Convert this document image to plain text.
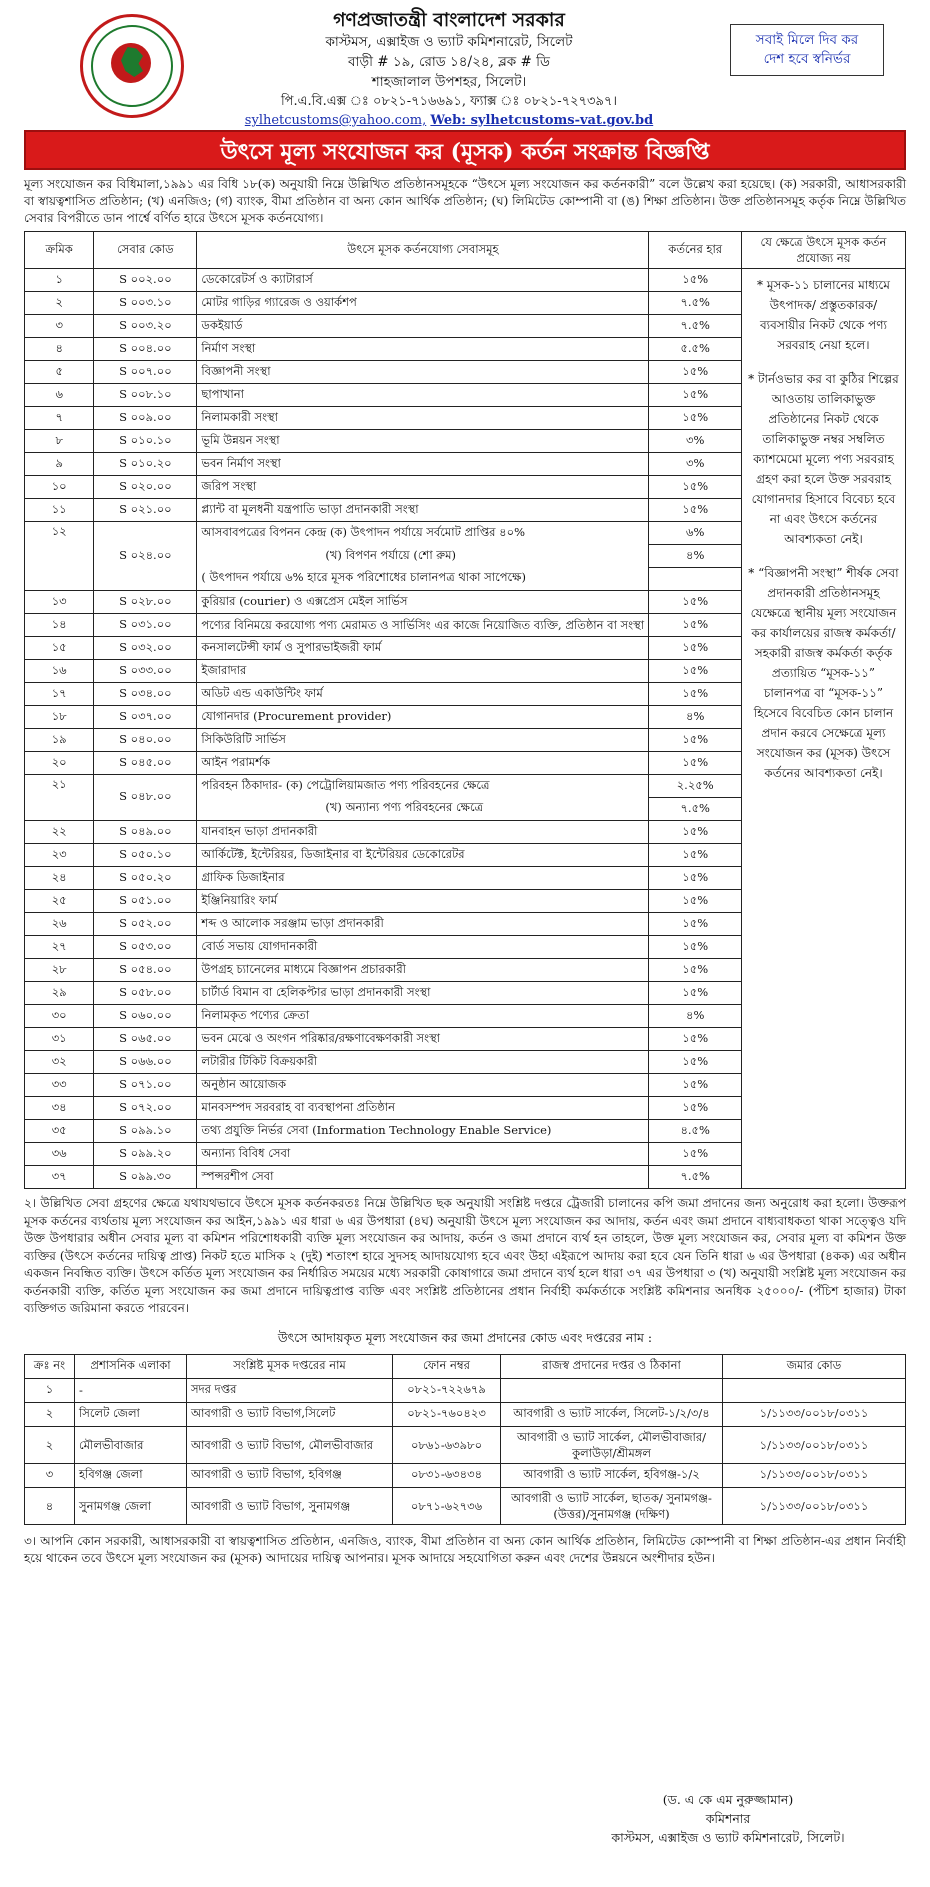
গণপ্রজাতন্ত্রী বাংলাদেশ সরকার
কাস্টমস, এক্সাইজ ও ভ্যাট কমিশনারেট, সিলেট
বাড়ী # ১৯, রোড ১৪/২৪, ব্লক # ডি
শাহজালাল উপশহর, সিলেট।
পি.এ.বি.এক্স ঃ ০৮২১-৭১৬৬৯১, ফ্যাক্স ঃ ০৮২১-৭২৭৩৯৭।
sylhetcustoms@yahoo.com, Web: sylhetcustoms-vat.gov.bd
সবাই মিলে দিব কর
দেশ হবে স্বনির্ভর
উৎসে মূল্য সংযোজন কর (মূসক) কর্তন সংক্রান্ত বিজ্ঞপ্তি
মূল্য সংযোজন কর বিধিমালা,১৯৯১ এর বিধি ১৮(ক) অনুযায়ী নিম্নে উল্লিখিত প্রতিষ্ঠানসমূহকে “উৎসে মূল্য সংযোজন কর কর্তনকারী” বলে উল্লেখ করা হয়েছে। (ক) সরকারী, আধাসরকারী বা স্বায়ত্বশাসিত প্রতিষ্ঠান; (খ) এনজিও; (গ) ব্যাংক, বীমা প্রতিষ্ঠান বা অন্য কোন আর্থিক প্রতিষ্ঠান; (ঘ) লিমিটেড কোম্পানী বা (ঙ) শিক্ষা প্রতিষ্ঠান। উক্ত প্রতিষ্ঠানসমূহ কর্তৃক নিম্নে উল্লিখিত সেবার বিপরীতে ডান পার্শ্বে বর্ণিত হারে উৎসে মূসক কর্তনযোগ্য।
ক্রমিক	সেবার কোড	উৎসে মূসক কর্তনযোগ্য সেবাসমূহ	কর্তনের হার	যে ক্ষেত্রে উৎসে মূসক কর্তন প্রযোজ্য নয়
১	S ০০২.০০	ডেকোরেটর্স ও ক্যাটারার্স	১৫%	* মূসক-১১ চালানের মাধ্যমে উৎপাদক/ প্রস্তুতকারক/ব্যবসায়ীর নিকট থেকে পণ্য সরবরাহ নেয়া হলে।
* টার্নওভার কর বা কুঠির শিল্পের আওতায় তালিকাভুক্ত প্রতিষ্ঠানের নিকট থেকে তালিকাভুক্ত নম্বর সম্বলিত ক্যাশমেমো মূল্যে পণ্য সরবরাহ গ্রহণ করা হলে উক্ত সরবরাহ যোগানদার হিসাবে বিবেচ্য হবে না এবং উৎসে কর্তনের আবশ্যকতা নেই।
* “বিজ্ঞাপনী সংস্থা” শীর্ষক সেবা প্রদানকারী প্রতিষ্ঠানসমূহ যেক্ষেত্রে স্থানীয় মূল্য সংযোজন কর কার্যালয়ের রাজস্ব কর্মকর্তা/সহকারী রাজস্ব কর্মকর্তা কর্তৃক প্রত্যায়িত “মূসক-১১” চালানপত্র বা “মূসক-১১” হিসেবে বিবেচিত কোন চালান প্রদান করবে সেক্ষেত্রে মূল্য সংযোজন কর (মূসক) উৎসে কর্তনের আবশ্যকতা নেই।

২	S ০০৩.১০	মোটর গাড়ির গ্যারেজ ও ওয়ার্কশপ	৭.৫%	
৩	S ০০৩.২০	ডকইয়ার্ড	৭.৫%	
৪	S ০০৪.০০	নির্মাণ সংস্থা	৫.৫%	
৫	S ০০৭.০০	বিজ্ঞাপনী সংস্থা	১৫%	
৬	S ০০৮.১০	ছাপাখানা	১৫%	
৭	S ০০৯.০০	নিলামকারী সংস্থা	১৫%	
৮	S ০১০.১০	ভূমি উন্নয়ন সংস্থা	৩%	
৯	S ০১০.২০	ভবন নির্মাণ সংস্থা	৩%	
১০	S ০২০.০০	জরিপ সংস্থা	১৫%	
১১	S ০২১.০০	প্ল্যান্ট বা মূলধনী যন্ত্রপাতি ভাড়া প্রদানকারী সংস্থা	১৫%	
১২	S ০২৪.০০	আসবাবপত্রের বিপনন কেন্দ্র (ক) উৎপাদন পর্যায়ে সর্বমোট প্রাপ্তির ৪০%	৬%	
		(খ) বিপণন পর্যায়ে (শো রুম)	৪%	
		( উৎপাদন পর্যায়ে ৬% হারে মূসক পরিশোধের চালানপত্র থাকা সাপেক্ষে)		
১৩	S ০২৮.০০	কুরিয়ার (courier) ও এক্সপ্রেস মেইল সার্ভিস	১৫%	
১৪	S ০৩১.০০	পণ্যের বিনিময়ে করযোগ্য পণ্য মেরামত ও সার্ভিসিং এর কাজে নিয়োজিত ব্যক্তি, প্রতিষ্ঠান বা সংস্থা	১৫%	
১৫	S ০৩২.০০	কনসালটেন্সী ফার্ম ও সুপারভাইজরী ফার্ম	১৫%	
১৬	S ০৩৩.০০	ইজারাদার	১৫%	
১৭	S ০৩৪.০০	অডিট এন্ড একাউন্টিং ফার্ম	১৫%	
১৮	S ০৩৭.০০	যোগানদার (Procurement provider)	৪%	
১৯	S ০৪০.০০	সিকিউরিটি সার্ভিস	১৫%	
২০	S ০৪৫.০০	আইন পরামর্শক	১৫%	
২১	S ০৪৮.০০	পরিবহন ঠিকাদার- (ক) পেট্রোলিয়ামজাত পণ্য পরিবহনের ক্ষেত্রে	২.২৫%	
		(খ) অন্যান্য পণ্য পরিবহনের ক্ষেত্রে	৭.৫%	
২২	S ০৪৯.০০	যানবাহন ভাড়া প্রদানকারী	১৫%	
২৩	S ০৫০.১০	আর্কিটেক্ট, ইন্টেরিয়র, ডিজাইনার বা ইন্টেরিয়র ডেকোরেটর	১৫%	
২৪	S ০৫০.২০	গ্রাফিক ডিজাইনার	১৫%	
২৫	S ০৫১.০০	ইঞ্জিনিয়ারিং ফার্ম	১৫%	
২৬	S ০৫২.০০	শব্দ ও আলোক সরঞ্জাম ভাড়া প্রদানকারী	১৫%	
২৭	S ০৫৩.০০	বোর্ড সভায় যোগদানকারী	১৫%	
২৮	S ০৫৪.০০	উপগ্রহ চ্যানেলের মাধ্যমে বিজ্ঞাপন প্রচারকারী	১৫%	
২৯	S ০৫৮.০০	চার্টার্ড বিমান বা হেলিকপ্টার ভাড়া প্রদানকারী সংস্থা	১৫%	
৩০	S ০৬০.০০	নিলামকৃত পণ্যের ক্রেতা	৪%	
৩১	S ০৬৫.০০	ভবন মেঝে ও অংগন পরিষ্কার/রক্ষণাবেক্ষণকারী সংস্থা	১৫%	
৩২	S ০৬৬.০০	লটারীর টিকিট বিক্রয়কারী	১৫%	
৩৩	S ০৭১.০০	অনুষ্ঠান আয়োজক	১৫%	
৩৪	S ০৭২.০০	মানবসম্পদ সরবরাহ বা ব্যবস্থাপনা প্রতিষ্ঠান	১৫%	
৩৫	S ০৯৯.১০	তথ্য প্রযুক্তি নির্ভর সেবা (Information Technology Enable Service)	৪.৫%	
৩৬	S ০৯৯.২০	অন্যান্য বিবিধ সেবা	১৫%	
৩৭	S ০৯৯.৩০	স্পন্সরশীপ সেবা	৭.৫%	
২। উল্লিখিত সেবা গ্রহণের ক্ষেত্রে যথাযথভাবে উৎসে মূসক কর্তনকরতঃ নিম্নে উল্লিখিত ছক অনুযায়ী সংশ্লিষ্ট দপ্তরে ট্রেজারী চালানের কপি জমা প্রদানের জন্য অনুরোধ করা হলো। উক্তরূপ মূসক কর্তনের ব্যর্থতায় মূল্য সংযোজন কর আইন,১৯৯১ এর ধারা ৬ এর উপধারা (৪ঘ) অনুযায়ী উৎসে মূল্য সংযোজন কর আদায়, কর্তন এবং জমা প্রদানে বাধ্যবাধকতা থাকা সত্ত্বেও যদি উক্ত উপধারার অধীন সেবার মূল্য বা কমিশন পরিশোধকারী ব্যক্তি মূল্য সংযোজন কর আদায়, কর্তন ও জমা প্রদানে ব্যর্থ হন তাহলে, উক্ত মূল্য সংযোজন কর, সেবার মূল্য বা কমিশন উক্ত ব্যক্তির (উৎসে কর্তনের দায়িত্ব প্রাপ্ত) নিকট হতে মাসিক ২ (দুই) শতাংশ হারে সুদসহ আদায়যোগ্য হবে এবং উহা এইরূপে আদায় করা হবে যেন তিনি ধারা ৬ এর উপধারা (৪কক) এর অধীন একজন নিবন্ধিত ব্যক্তি। উৎসে কর্তিত মূল্য সংযোজন কর নির্ধারিত সময়ের মধ্যে সরকারী কোষাগারে জমা প্রদানে ব্যর্থ হলে ধারা ৩৭ এর উপধারা ৩ (খ) অনুযায়ী সংশ্লিষ্ট মূল্য সংযোজন কর কর্তনকারী ব্যক্তি, কর্তিত মূল্য সংযোজন কর জমা প্রদানে দায়িত্বপ্রাপ্ত ব্যক্তি এবং সংশ্লিষ্ট প্রতিষ্ঠানের প্রধান নির্বাহী কর্মকর্তাকে সংশ্লিষ্ট কমিশনার অনধিক ২৫০০০/- (পঁচিশ হাজার) টাকা ব্যক্তিগত জরিমানা করতে পারবেন।
উৎসে আদায়কৃত মূল্য সংযোজন কর জমা প্রদানের কোড এবং দপ্তরের নাম :
ক্রঃ নং	প্রশাসনিক এলাকা	সংশ্লিষ্ট মূসক দপ্তরের নাম	ফোন নম্বর	রাজস্ব প্রদানের দপ্তর ও ঠিকানা	জমার কোড
১	-	সদর দপ্তর	০৮২১-৭২২৬৭৯		
২	সিলেট জেলা	আবগারী ও ভ্যাট বিভাগ,সিলেট	০৮২১-৭৬০৪২৩	আবগারী ও ভ্যাট সার্কেল, সিলেট-১/২/৩/৪	১/১১৩৩/০০১৮/০৩১১
২	মৌলভীবাজার	আবগারী ও ভ্যাট বিভাগ, মৌলভীবাজার	০৮৬১-৬৩৯৮০	আবগারী ও ভ্যাট সার্কেল, মৌলভীবাজার/কুলাউড়া/শ্রীমঙ্গল	১/১১৩৩/০০১৮/০৩১১
৩	হবিগঞ্জ জেলা	আবগারী ও ভ্যাট বিভাগ, হবিগঞ্জ	০৮৩১-৬৩৪৩৪	আবগারী ও ভ্যাট সার্কেল, হবিগঞ্জ-১/২	১/১১৩৩/০০১৮/০৩১১
৪	সুনামগঞ্জ জেলা	আবগারী ও ভ্যাট বিভাগ, সুনামগঞ্জ	০৮৭১-৬২৭৩৬	আবগারী ও ভ্যাট সার্কেল, ছাতক/ সুনামগঞ্জ-(উত্তর)/সুনামগঞ্জ (দক্ষিণ)	১/১১৩৩/০০১৮/০৩১১
৩। আপনি কোন সরকারী, আধাসরকারী বা স্বায়ত্বশাসিত প্রতিষ্ঠান, এনজিও, ব্যাংক, বীমা প্রতিষ্ঠান বা অন্য কোন আর্থিক প্রতিষ্ঠান, লিমিটেড কোম্পানী বা শিক্ষা প্রতিষ্ঠান-এর প্রধান নির্বাহী হয়ে থাকেন তবে উৎসে মূল্য সংযোজন কর (মূসক) আদায়ের দায়িত্ব আপনার। মূসক আদায়ে সহযোগিতা করুন এবং দেশের উন্নয়নে অংশীদার হউন।
(ড. এ কে এম নুরুজ্জামান)
কমিশনার
কাস্টমস, এক্সাইজ ও ভ্যাট কমিশনারেট, সিলেট।
